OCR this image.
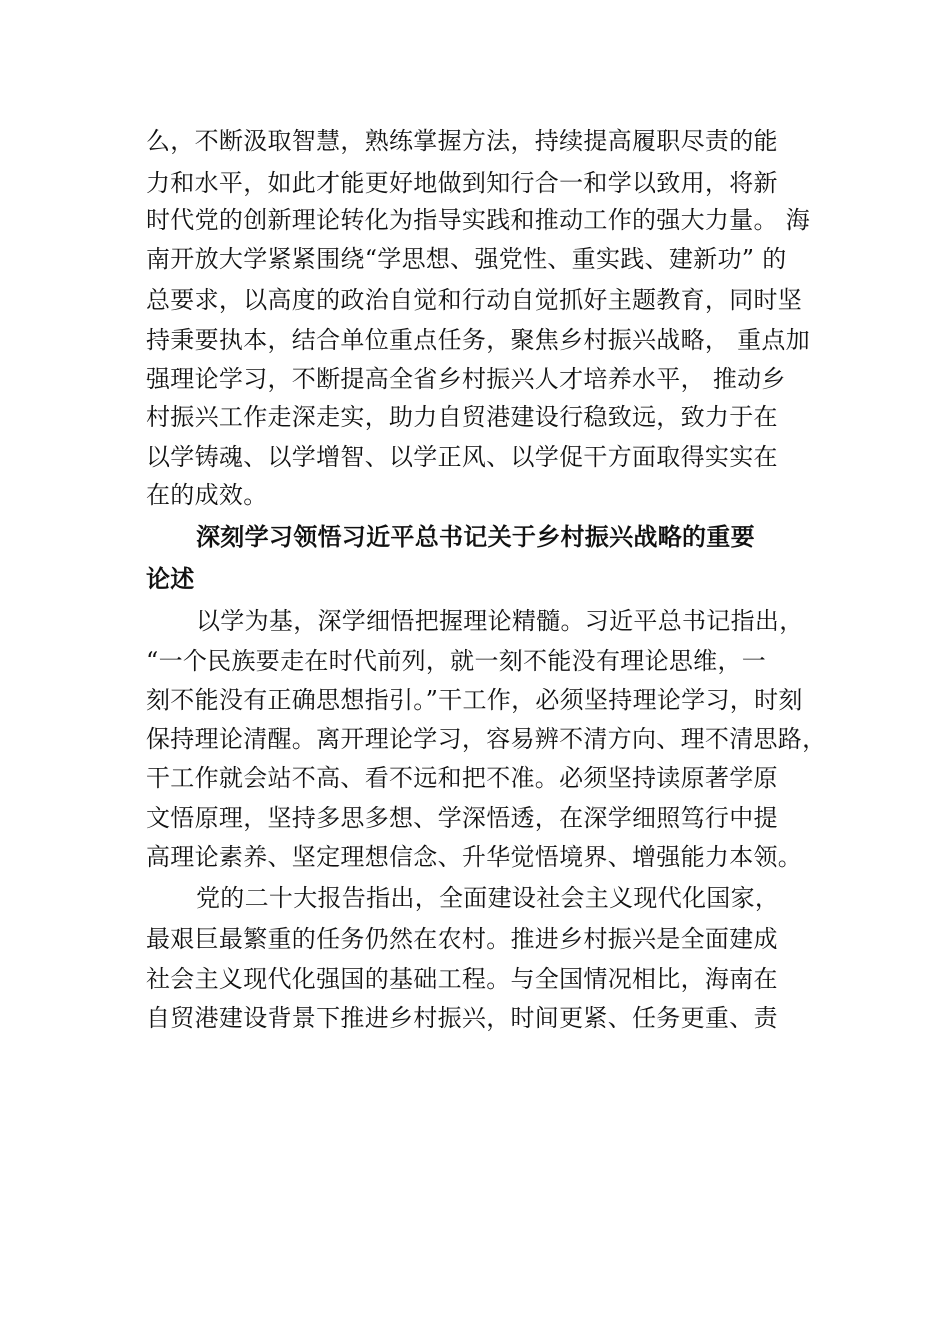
么，不断汲取智慧，熟练掌握方法，持续提高履职尽责的能
力和水平，如此才能更好地做到知行合一和学以致用，将新
时代党的创新理论转化为指导实践和推动工作的强大力量。 海
南开放大学紧紧围绕“学思想、强党性、重实践、建新功” 的
总要求，以高度的政治自觉和行动自觉抓好主题教育，同时坚
持秉要执本，结合单位重点任务，聚焦乡村振兴战略， 重点加
强理论学习，不断提高全省乡村振兴人才培养水平， 推动乡
村振兴工作走深走实，助力自贸港建设行稳致远，致力于在
以学铸魂、以学增智、以学正风、以学促干方面取得实实在
在的成效。
深刻学习领悟习近平总书记关于乡村振兴战略的重要
论述
以学为基，深学细悟把握理论精髓。习近平总书记指出，
“一个民族要走在时代前列，就一刻不能没有理论思维，一
刻不能没有正确思想指引。”干工作，必须坚持理论学习，时刻
保持理论清醒。离开理论学习，容易辨不清方向、理不清思路，
干工作就会站不高、看不远和把不准。必须坚持读原著学原
文悟原理，坚持多思多想、学深悟透，在深学细照笃行中提
高理论素养、坚定理想信念、升华觉悟境界、增强能力本领。
党的二十大报告指出，全面建设社会主义现代化国家，
最艰巨最繁重的任务仍然在农村。推进乡村振兴是全面建成
社会主义现代化强国的基础工程。与全国情况相比，海南在
自贸港建设背景下推进乡村振兴，时间更紧、任务更重、责
